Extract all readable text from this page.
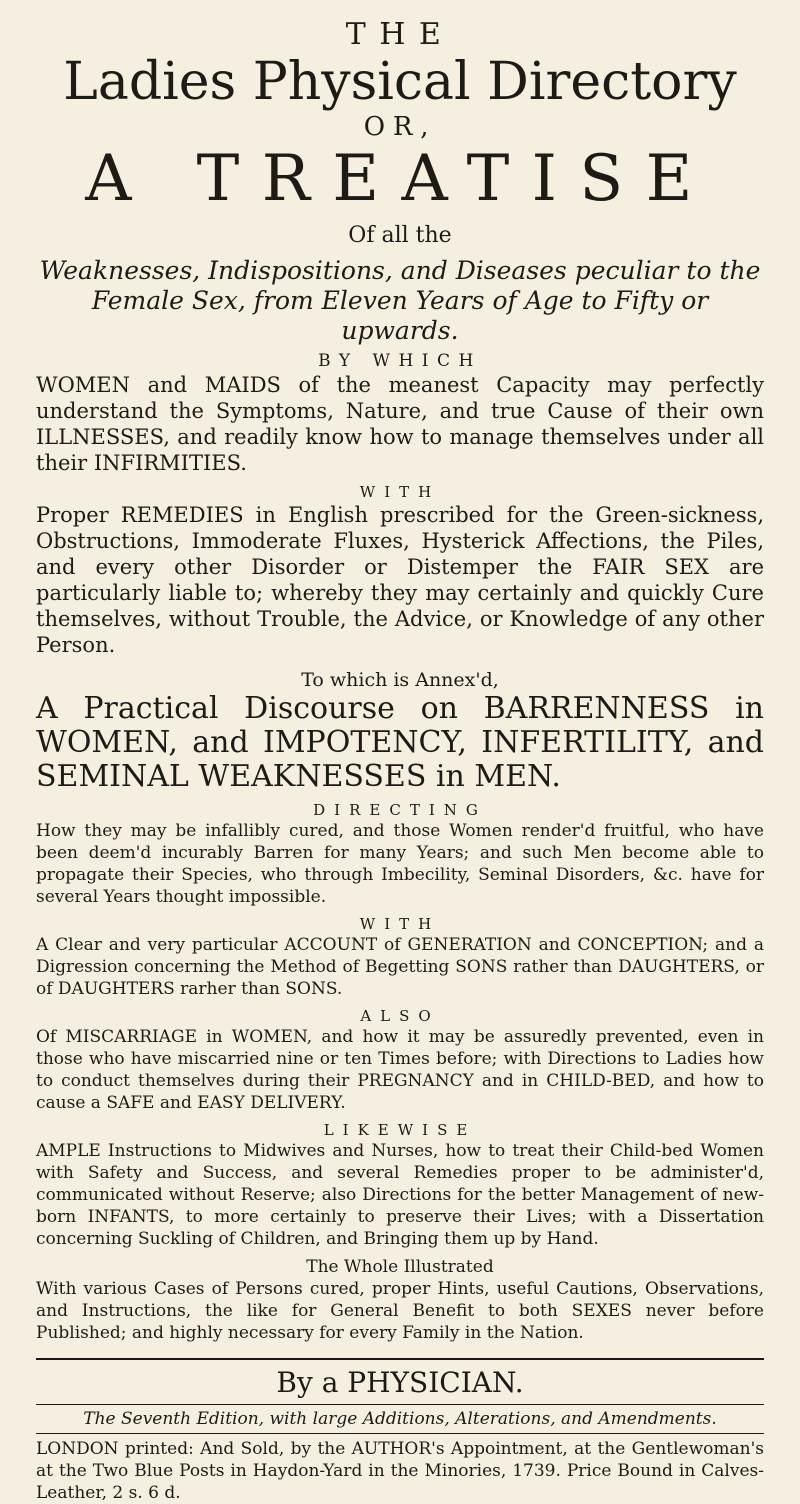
THE

Ladies Physical Directory

OR,

A TREATISE

Of all the

Weaknesses, Indispositions, and Diseases peculiar to the Female Sex, from Eleven Years of Age to Fifty or upwards.

BY WHICH

WOMEN and MAIDS of the meanest Capacity may perfectly understand the Symptoms, Nature, and true Cause of their own ILLNESSES, and readily know how to manage themselves under all their INFIRMITIES.

WITH

Proper REMEDIES in English prescribed for the Green-sickness, Obstructions, Immoderate Fluxes, Hysterick Affections, the Piles, and every other Disorder or Distemper the FAIR SEX are particularly liable to; whereby they may certainly and quickly Cure themselves, without Trouble, the Advice, or Knowledge of any other Person.

To which is Annex'd,

A Practical Discourse on BARRENNESS in WOMEN, and IMPOTENCY, INFERTILITY, and SEMINAL WEAKNESSES in MEN.

DIRECTING

How they may be infallibly cured, and those Women render'd fruitful, who have been deem'd incurably Barren for many Years; and such Men become able to propagate their Species, who through Imbecility, Seminal Disorders, &c. have for several Years thought impossible.

WITH

A Clear and very particular ACCOUNT of GENERATION and CONCEPTION; and a Digression concerning the Method of Begetting SONS rather than DAUGHTERS, or of DAUGHTERS rarher than SONS.

ALSO

Of MISCARRIAGE in WOMEN, and how it may be assuredly prevented, even in those who have miscarried nine or ten Times before; with Directions to Ladies how to conduct themselves during their PREGNANCY and in CHILD-BED, and how to cause a SAFE and EASY DELIVERY.

LIKEWISE

AMPLE Instructions to Midwives and Nurses, how to treat their Child-bed Women with Safety and Success, and several Remedies proper to be administer'd, communicated without Reserve; also Directions for the better Management of new-born INFANTS, to more certainly to preserve their Lives; with a Dissertation concerning Suckling of Children, and Bringing them up by Hand.

The Whole Illustrated

With various Cases of Persons cured, proper Hints, useful Cautions, Observations, and Instructions, the like for General Benefit to both SEXES never before Published; and highly necessary for every Family in the Nation.

By a PHYSICIAN.

The Seventh Edition, with large Additions, Alterations, and Amendments.

LONDON printed: And Sold, by the AUTHOR's Appointment, at the Gentlewoman's at the Two Blue Posts in Haydon-Yard in the Minories, 1739. Price Bound in Calves-Leather, 2 s. 6 d.
